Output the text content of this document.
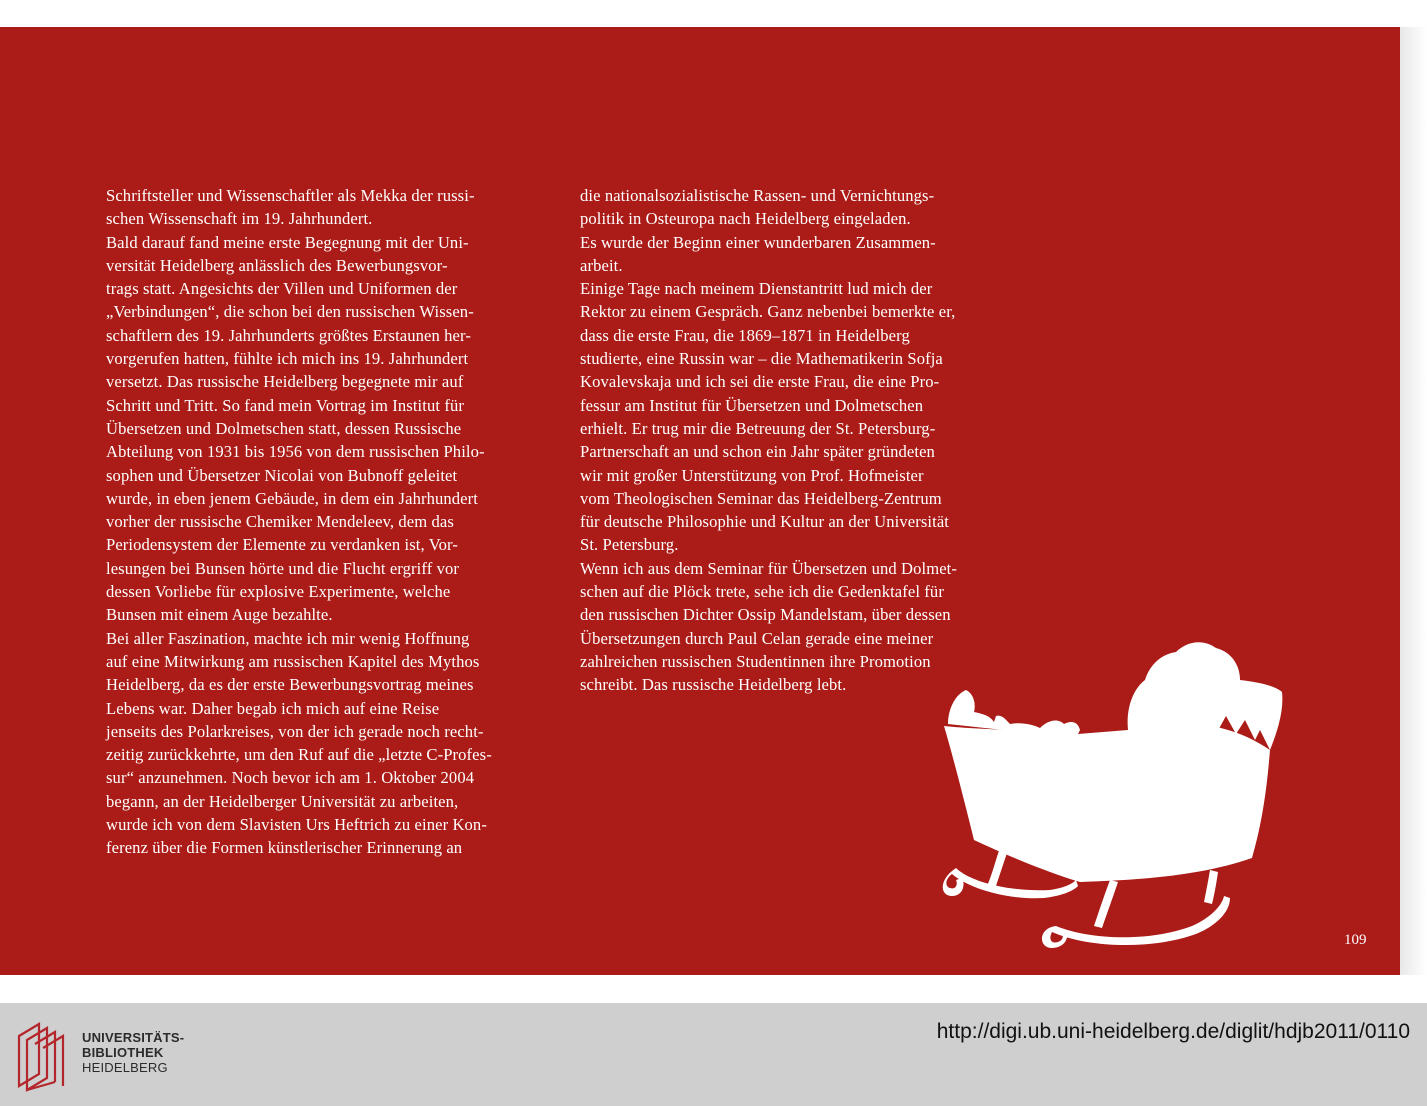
Schriftsteller und Wissenschaftler als Mekka der russi-
schen Wissenschaft im 19. Jahrhundert.
Bald darauf fand meine erste Begegnung mit der Uni-
versität Heidelberg anlässlich des Bewerbungsvor-
trags statt. Angesichts der Villen und Uniformen der
„Verbindungen“, die schon bei den russischen Wissen-
schaftlern des 19. Jahrhunderts größtes Erstaunen her-
vorgerufen hatten, fühlte ich mich ins 19. Jahrhundert
versetzt. Das russische Heidelberg begegnete mir auf
Schritt und Tritt. So fand mein Vortrag im Institut für
Übersetzen und Dolmetschen statt, dessen Russische
Abteilung von 1931 bis 1956 von dem russischen Philo-
sophen und Übersetzer Nicolai von Bubnoff geleitet
wurde, in eben jenem Gebäude, in dem ein Jahrhundert
vorher der russische Chemiker Mendeleev, dem das
Periodensystem der Elemente zu verdanken ist, Vor-
lesungen bei Bunsen hörte und die Flucht ergriff vor
dessen Vorliebe für explosive Experimente, welche
Bunsen mit einem Auge bezahlte.
Bei aller Faszination, machte ich mir wenig Hoffnung
auf eine Mitwirkung am russischen Kapitel des Mythos
Heidelberg, da es der erste Bewerbungsvortrag meines
Lebens war. Daher begab ich mich auf eine Reise
jenseits des Polarkreises, von der ich gerade noch recht-
zeitig zurückkehrte, um den Ruf auf die „letzte C-Profes-
sur“ anzunehmen. Noch bevor ich am 1. Oktober 2004
begann, an der Heidelberger Universität zu arbeiten,
wurde ich von dem Slavisten Urs Heftrich zu einer Kon-
ferenz über die Formen künstlerischer Erinnerung an
die nationalsozialistische Rassen- und Vernichtungs-
politik in Osteuropa nach Heidelberg eingeladen.
Es wurde der Beginn einer wunderbaren Zusammen-
arbeit.
Einige Tage nach meinem Dienstantritt lud mich der
Rektor zu einem Gespräch. Ganz nebenbei bemerkte er,
dass die erste Frau, die 1869–1871 in Heidelberg
studierte, eine Russin war – die Mathematikerin Sofja
Kovalevskaja und ich sei die erste Frau, die eine Pro-
fessur am Institut für Übersetzen und Dolmetschen
erhielt. Er trug mir die Betreuung der St. Petersburg-
Partnerschaft an und schon ein Jahr später gründeten
wir mit großer Unterstützung von Prof. Hofmeister
vom Theologischen Seminar das Heidelberg-Zentrum
für deutsche Philosophie und Kultur an der Universität
St. Petersburg.
Wenn ich aus dem Seminar für Übersetzen und Dolmet-
schen auf die Plöck trete, sehe ich die Gedenktafel für
den russischen Dichter Ossip Mandelstam, über dessen
Übersetzungen durch Paul Celan gerade eine meiner
zahlreichen russischen Studentinnen ihre Promotion
schreibt. Das russische Heidelberg lebt.
109
UNIVERSITÄTS-
BIBLIOTHEK
HEIDELBERG
http://digi.ub.uni-heidelberg.de/diglit/hdjb2011/0110
